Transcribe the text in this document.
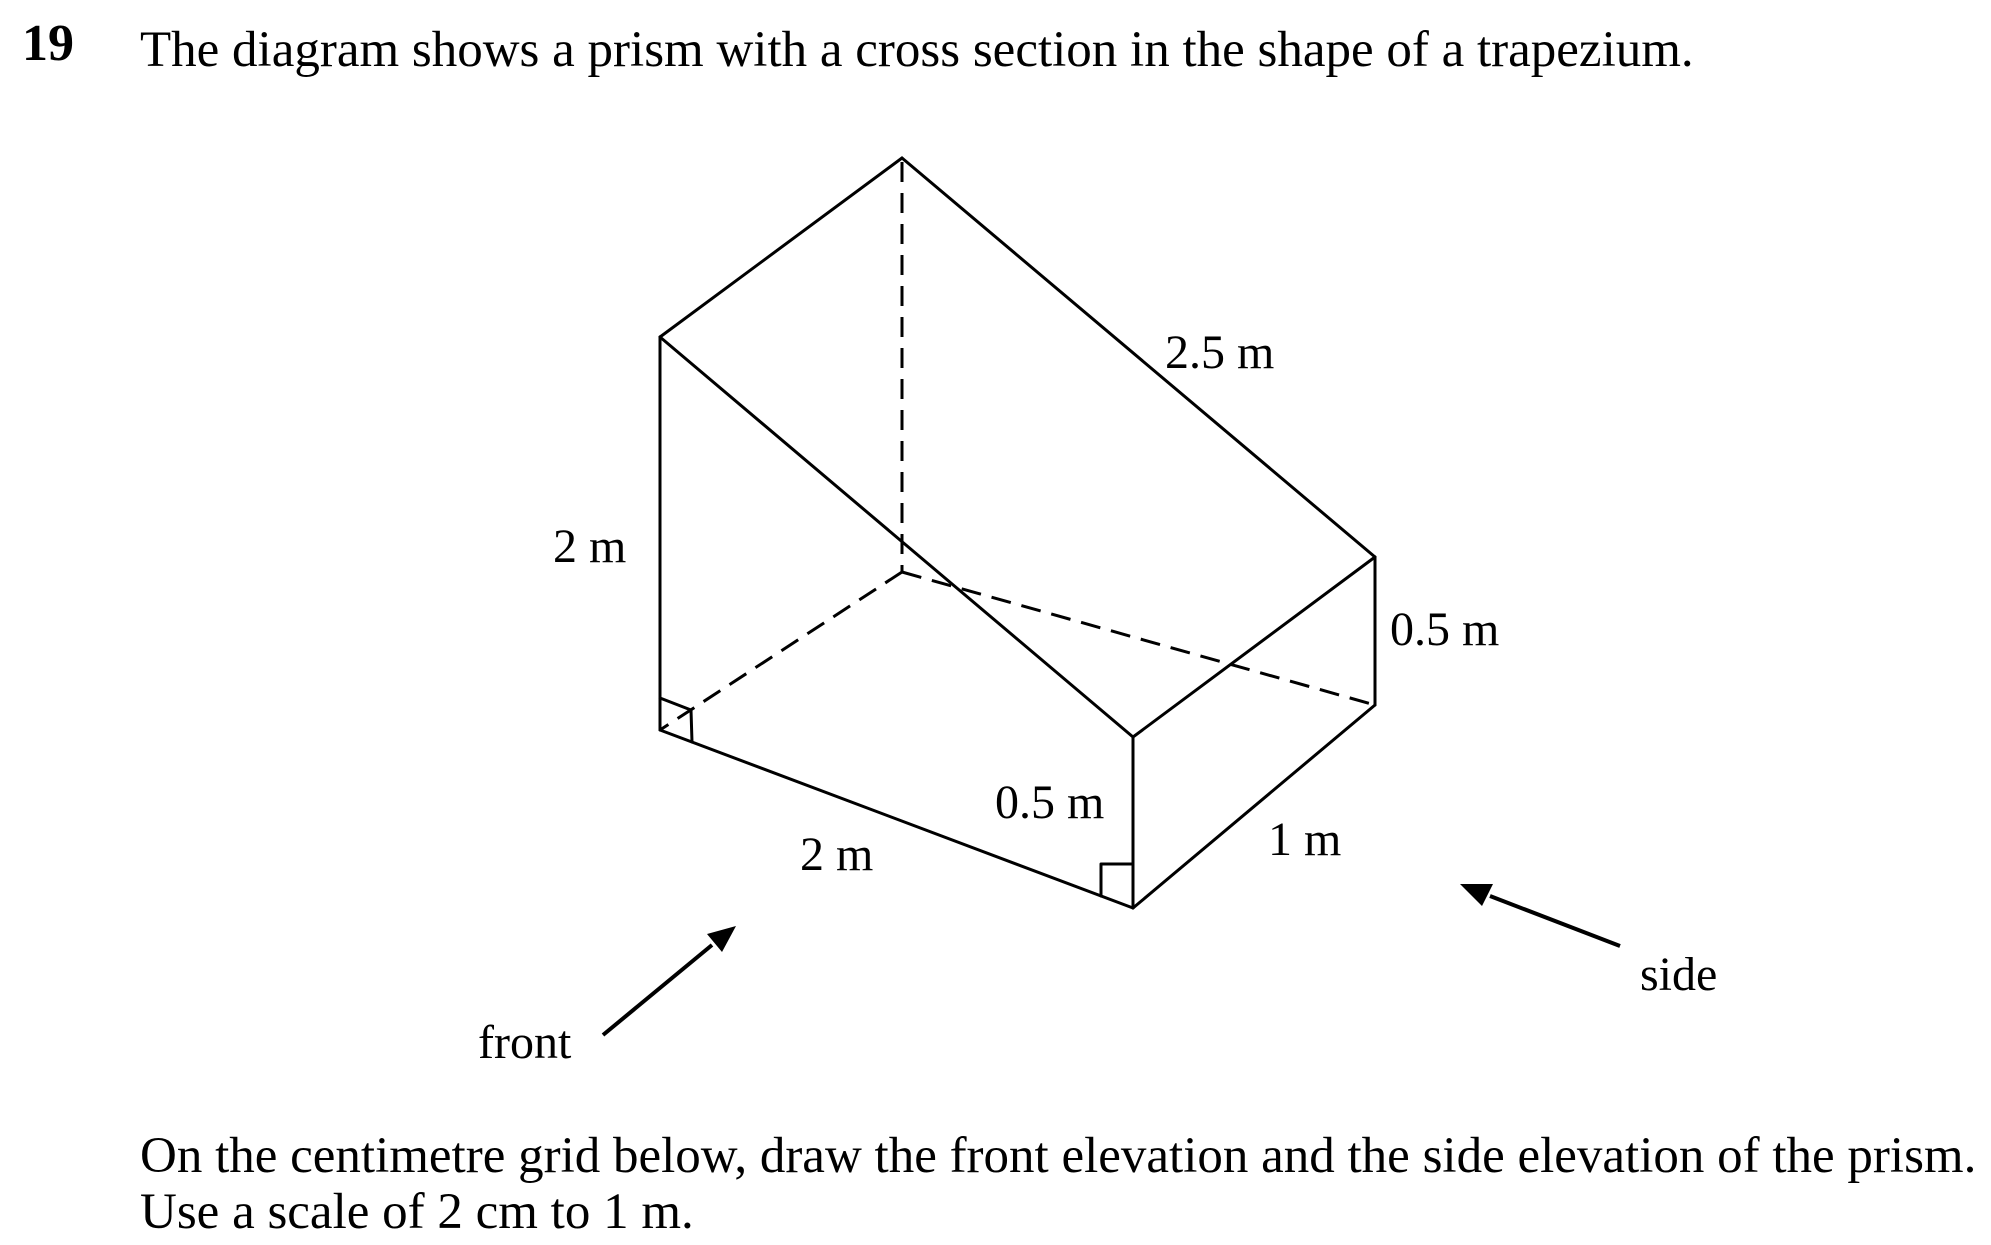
19 The diagram shows a prism with a cross section in the shape of a trapezium.
2.5 m
2 m
0.5 m
0.5 m
2 m	1 m
front
side
On the centimetre grid below, draw the front elevation and the side elevation of the prism.
Use a scale of 2 cm to 1 m.
